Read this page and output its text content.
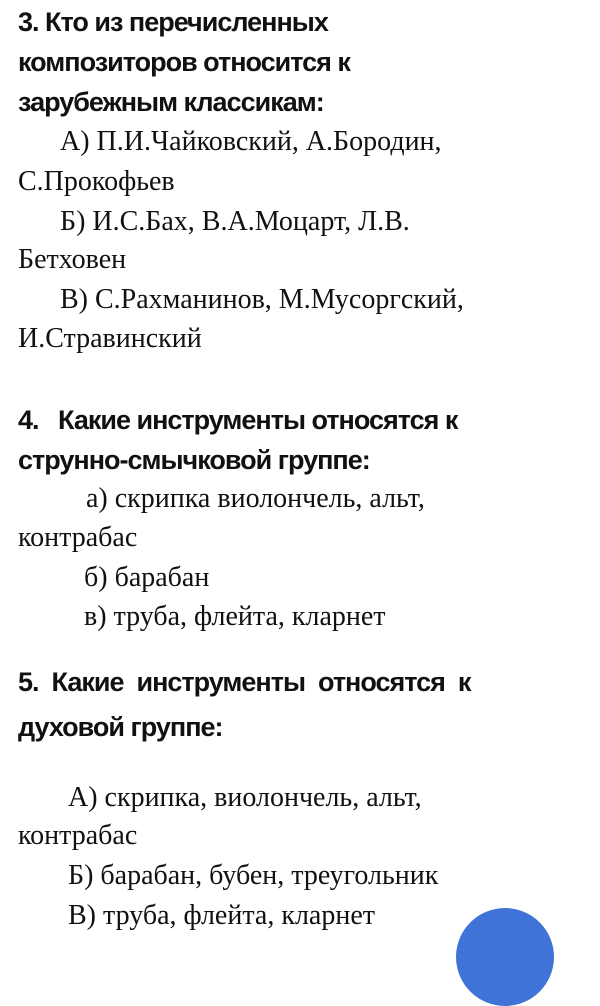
3. Кто из перечисленных
композиторов относится к
зарубежным классикам:
А) П.И.Чайковский, А.Бородин,
С.Прокофьев
Б) И.С.Бах, В.А.Моцарт, Л.В.
Бетховен
В) С.Рахманинов, М.Мусоргский,
И.Стравинский
4.   Какие инструменты относятся к
струнно-смычковой группе:
а) скрипка виолончель, альт,
контрабас
б) барабан
в) труба, флейта, кларнет
5.  Какие  инструменты  относятся  к
духовой группе:
А) скрипка, виолончель, альт,
контрабас
Б) барабан, бубен, треугольник
В) труба, флейта, кларнет
